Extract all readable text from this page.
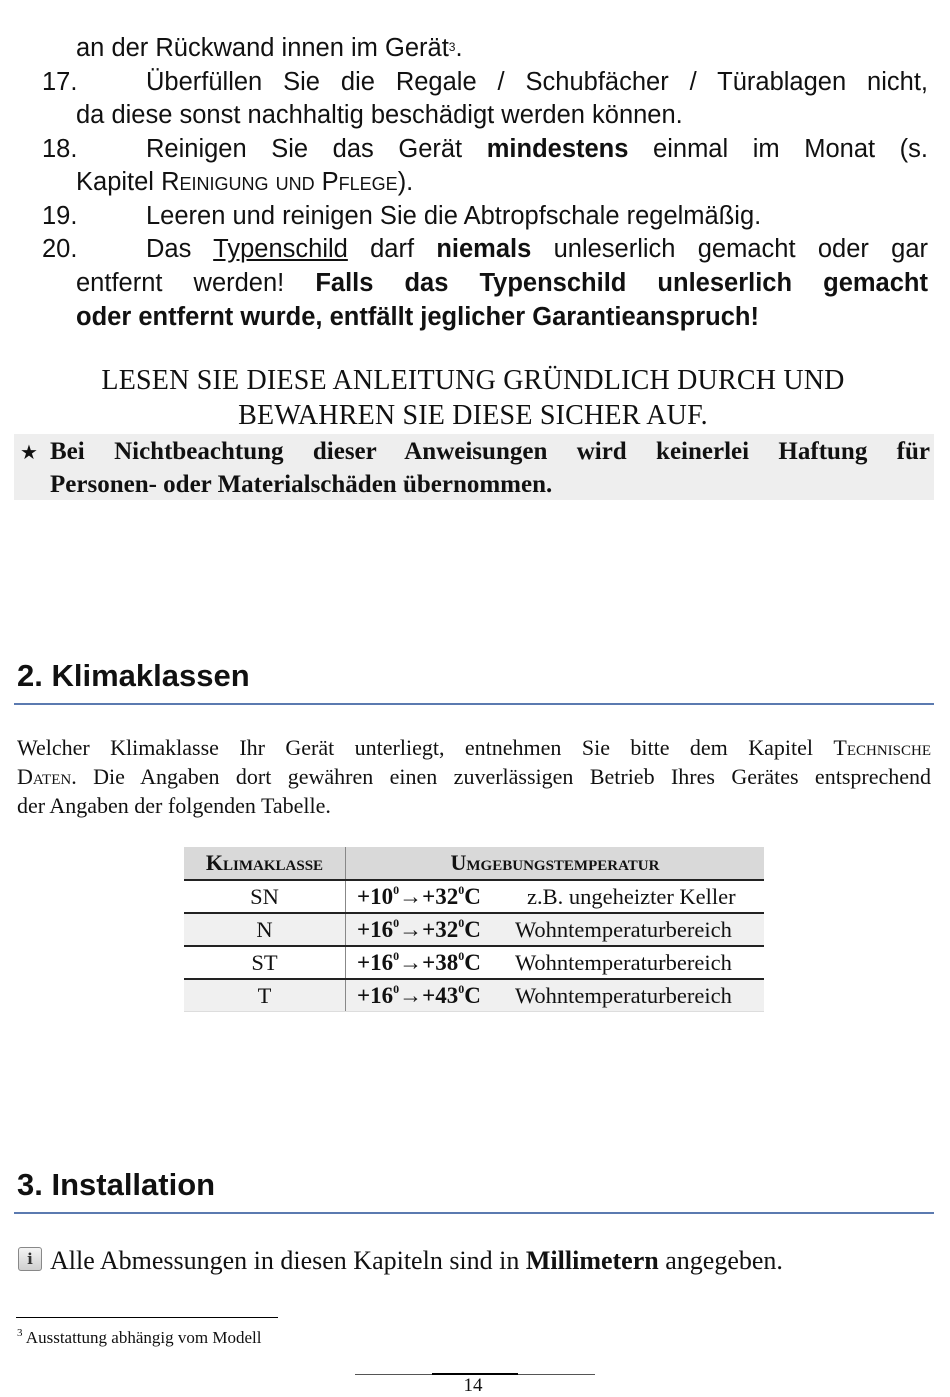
an der Rückwand innen im Gerät$^3$.
17.	Überfüllen Sie die Regale / Schubfächer / Türablagen nicht,
da diese sonst nachhaltig beschädigt werden können.
18.	Reinigen Sie das Gerät mindestens einmal im Monat (s.
Kapitel Reinigung und Pflege).
19.	Leeren und reinigen Sie die Abtropfschale regelmäßig.
20.	Das Typenschild darf niemals unleserlich gemacht oder gar
entfernt werden! Falls das Typenschild unleserlich gemacht
oder entfernt wurde, entfällt jeglicher Garantieanspruch!
LESEN SIE DIESE ANLEITUNG GRÜNDLICH DURCH UND
BEWAHREN SIE DIESE SICHER AUF.
★ Bei Nichtbeachtung dieser Anweisungen wird keinerlei Haftung für
Personen- oder Materialschäden übernommen.
2. Klimaklassen
Welcher Klimaklasse Ihr Gerät unterliegt, entnehmen Sie bitte dem Kapitel Technische
Daten. Die Angaben dort gewähren einen zuverlässigen Betrieb Ihres Gerätes entsprechend
der Angaben der folgenden Tabelle.
Klimaklasse	Umgebungstemperatur
SN	$+10^0\to+32^0C$ z.B. ungeheizter Keller
N	$+16^0\to+32^0C$ Wohntemperaturbereich
ST	$+16^0\to+38^0C$ Wohntemperaturbereich
T	$+16^0\to+43^0C$ Wohntemperaturbereich
3. Installation
i Alle Abmessungen in diesen Kapiteln sind in Millimetern angegeben.
$^3$ Ausstattung abhängig vom Modell
14
